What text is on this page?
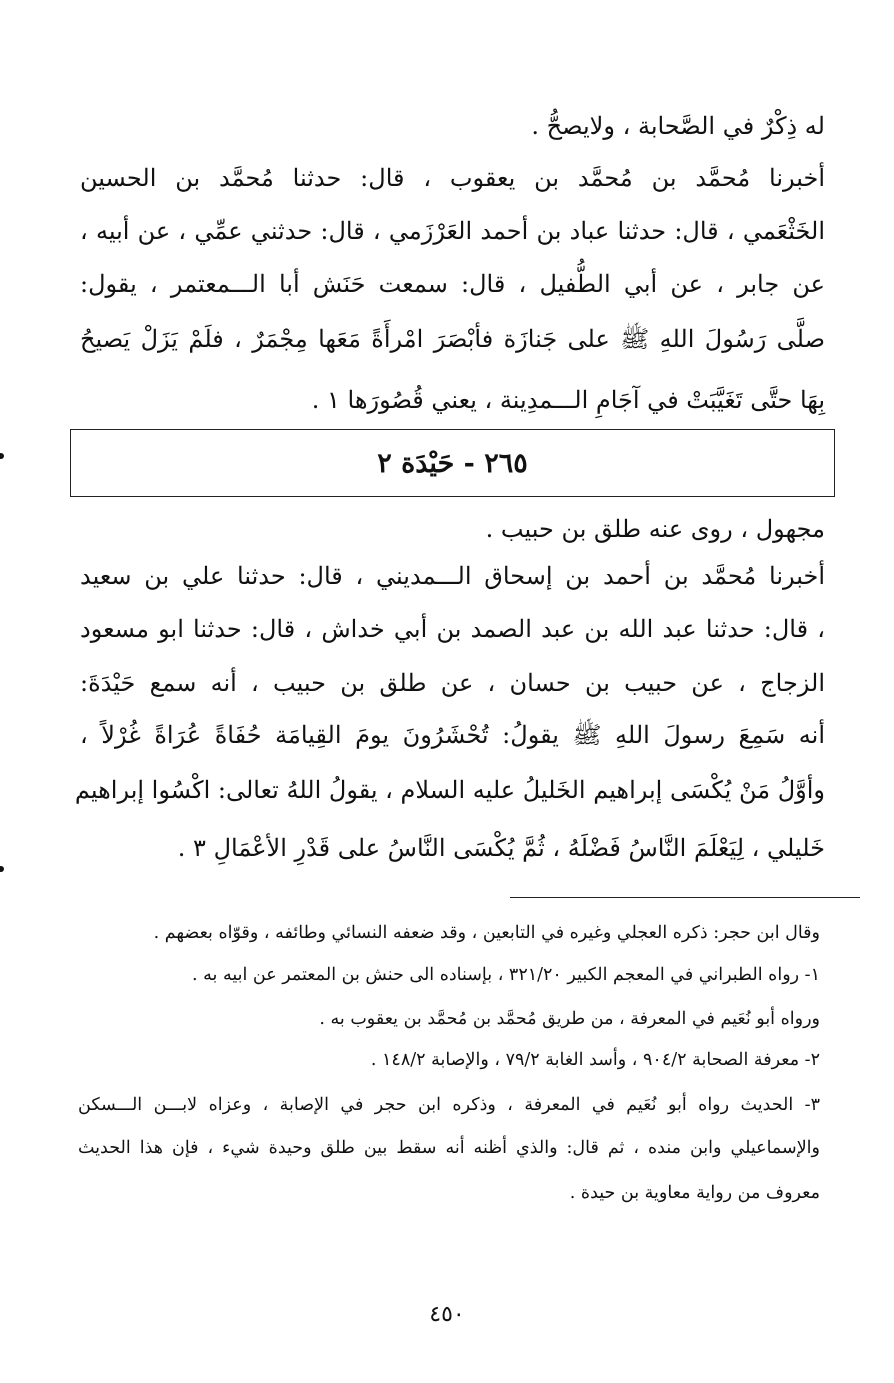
له ذِكْرٌ في الصَّحابة ، ولايصحُّ .
أخبرنا مُحمَّد بن مُحمَّد بن يعقوب ، قال: حدثنا مُحمَّد بن الحسين
الخَثْعَمي ، قال: حدثنا عباد بن أحمد العَرْزَمي ، قال: حدثني عمِّي ، عن أبيه ،
عن جابر ، عن أبي الطُّفيل ، قال: سمعت حَنَش أبا الـــمعتمر ، يقول:
صلَّى رَسُولَ اللهِ ﷺ على جَنازَة فأبْصَرَ امْرأَةً مَعَها مِجْمَرٌ ، فلَمْ يَزَلْ يَصيحُ
بِهَا حتَّى تَغَيَّبَتْ في آجَامِ الـــمدِينة ، يعني قُصُورَها ١ .
٢٦٥ - حَيْدَة ٢
مجهول ، روى عنه طلق بن حبيب .
أخبرنا مُحمَّد بن أحمد بن إسحاق الـــمديني ، قال: حدثنا علي بن سعيد
، قال: حدثنا عبد الله بن عبد الصمد بن أبي خداش ، قال: حدثنا ابو مسعود
الزجاج ، عن حبيب بن حسان ، عن طلق بن حبيب ، أنه سمع حَيْدَةَ:
أنه سَمِعَ رسولَ اللهِ ﷺ يقولُ: تُحْشَرُونَ يومَ القِيامَة حُفَاةً عُرَاةً غُرْلاً ،
وأوَّلُ مَنْ يُكْسَى إبراهيم الخَليلُ عليه السلام ، يقولُ اللهُ تعالى: اكْسُوا إبراهيم
خَليلي ، لِيَعْلَمَ النَّاسُ فَضْلَهُ ، ثُمَّ يُكْسَى النَّاسُ على قَدْرِ الأعْمَالِ ٣ .
وقال ابن حجر: ذكره العجلي وغيره في التابعين ، وقد ضعفه النسائي وطائفه ، وقوّاه بعضهم .
١- رواه الطبراني في المعجم الكبير ٣٢١/٢٠ ، بإسناده الى حنش بن المعتمر عن ابيه به .
ورواه أبو نُعَيم في المعرفة ، من طريق مُحمَّد بن مُحمَّد بن يعقوب به .
٢- معرفة الصحابة ٩٠٤/٢ ، وأسد الغابة ٧٩/٢ ، والإصابة ١٤٨/٢ .
٣- الحديث رواه أبو نُعَيم في المعرفة ، وذكره ابن حجر في الإصابة ، وعزاه لابـــن الـــسكن
والإسماعيلي وابن منده ، ثم قال: والذي أظنه أنه سقط بين طلق وحيدة شيء ، فإن هذا الحديث
معروف من رواية معاوية بن حيدة .
٤٥٠
